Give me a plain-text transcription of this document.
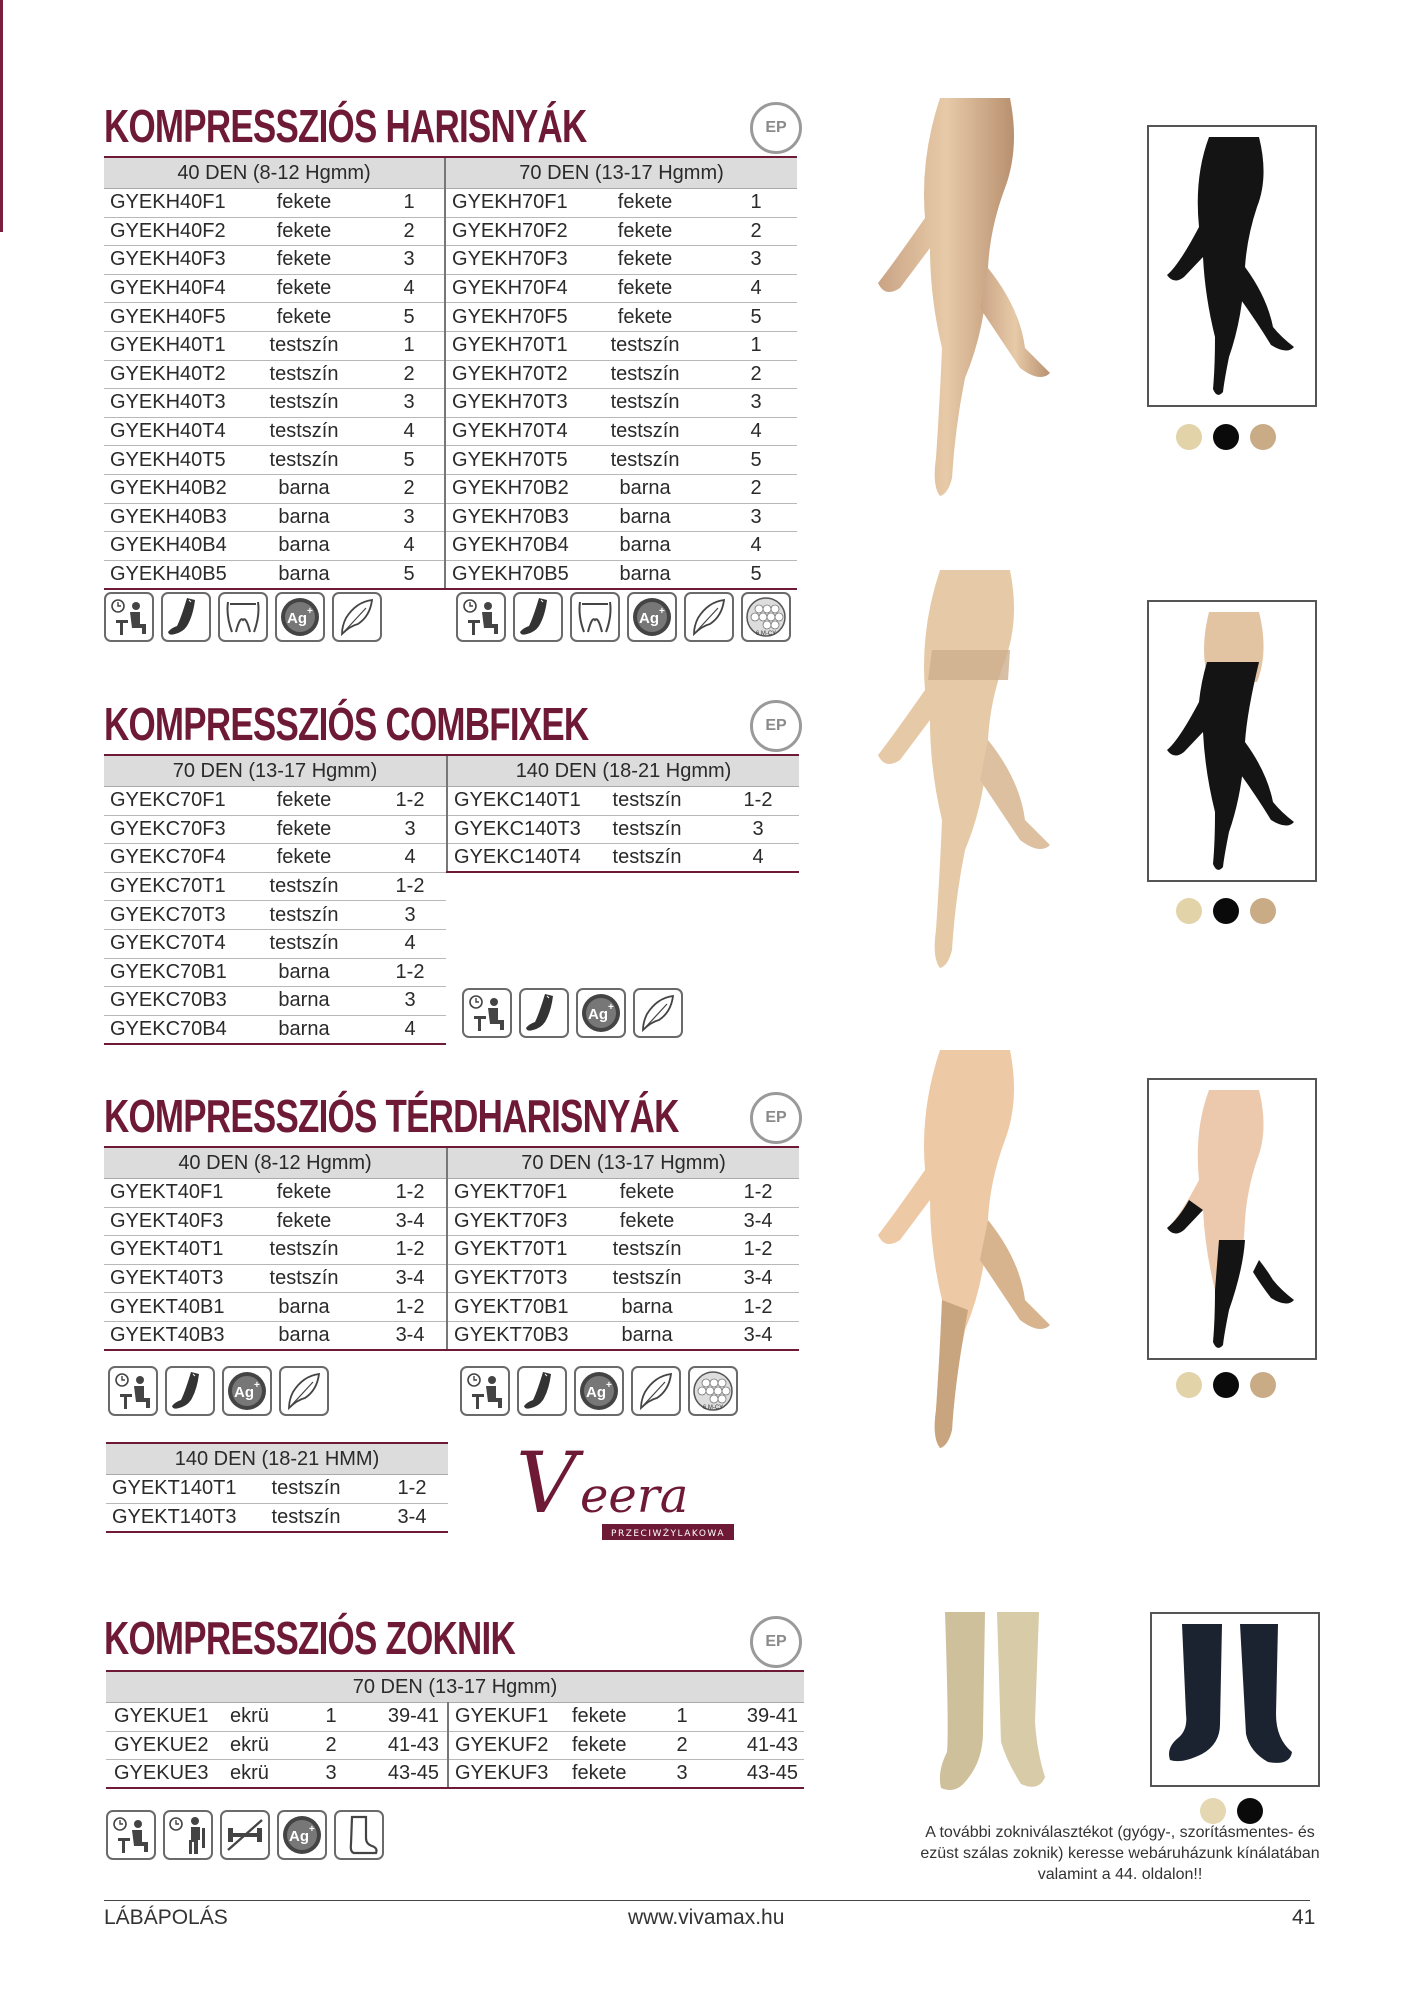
KOMPRESSZIÓS HARISNYÁK	EP
40 DEN (8-12 Hgmm)		
GYEKH40F1	fekete	1
GYEKH40F2	fekete	2
GYEKH40F3	fekete	3
GYEKH40F4	fekete	4
GYEKH40F5	fekete	5
GYEKH40T1	testszín	1
GYEKH40T2	testszín	2
GYEKH40T3	testszín	3
GYEKH40T4	testszín	4
GYEKH40T5	testszín	5
GYEKH40B2	barna	2
GYEKH40B3	barna	3
GYEKH40B4	barna	4
GYEKH40B5	barna	5
70 DEN (13-17 Hgmm)		
GYEKH70F1	fekete	1
GYEKH70F2	fekete	2
GYEKH70F3	fekete	3
GYEKH70F4	fekete	4
GYEKH70F5	fekete	5
GYEKH70T1	testszín	1
GYEKH70T2	testszín	2
GYEKH70T3	testszín	3
GYEKH70T4	testszín	4
GYEKH70T5	testszín	5
GYEKH70B2	barna	2
GYEKH70B3	barna	3
GYEKH70B4	barna	4
GYEKH70B5	barna	5
Ag +	Ag +
6 M-CY
KOMPRESSZIÓS COMBFIXEK	EP
70 DEN (13-17 Hgmm)		
GYEKC70F1	fekete	1-2
GYEKC70F3	fekete	3
GYEKC70F4	fekete	4
GYEKC70T1	testszín	1-2
GYEKC70T3	testszín	3
GYEKC70T4	testszín	4
GYEKC70B1	barna	1-2
GYEKC70B3	barna	3
GYEKC70B4	barna	4
140 DEN (18-21 Hgmm)		
GYEKC140T1	testszín	1-2
GYEKC140T3	testszín	3
GYEKC140T4	testszín	4
Ag +
KOMPRESSZIÓS TÉRDHARISNYÁK	EP
40 DEN (8-12 Hgmm)		
GYEKT40F1	fekete	1-2
GYEKT40F3	fekete	3-4
GYEKT40T1	testszín	1-2
GYEKT40T3	testszín	3-4
GYEKT40B1	barna	1-2
GYEKT40B3	barna	3-4
70 DEN (13-17 Hgmm)		
GYEKT70F1	fekete	1-2
GYEKT70F3	fekete	3-4
GYEKT70T1	testszín	1-2
GYEKT70T3	testszín	3-4
GYEKT70B1	barna	1-2
GYEKT70B3	barna	3-4
Ag +	Ag +
6 M-CY
140 DEN (18-21 HMM)		
GYEKT140T1	testszín	1-2
GYEKT140T3	testszín	3-4 V eera
PRZECIWŻYLAKOWA
KOMPRESSZIÓS ZOKNIK	EP
70 DEN (13-17 Hgmm)							
GYEKUE1	ekrü	1	39-41	GYEKUF1	fekete	1	39-41
GYEKUE2	ekrü	2	41-43	GYEKUF2	fekete	2	41-43
GYEKUE3	ekrü	3	43-45	GYEKUF3	fekete	3	43-45
Ag +	A további zokniválasztékot (gyógy-, szorításmentes- és ezüst szálas zoknik) keresse webáruházunk kínálatában valamint a 44. oldalon!!
LÁBÁPOLÁS	www.vivamax.hu	41
